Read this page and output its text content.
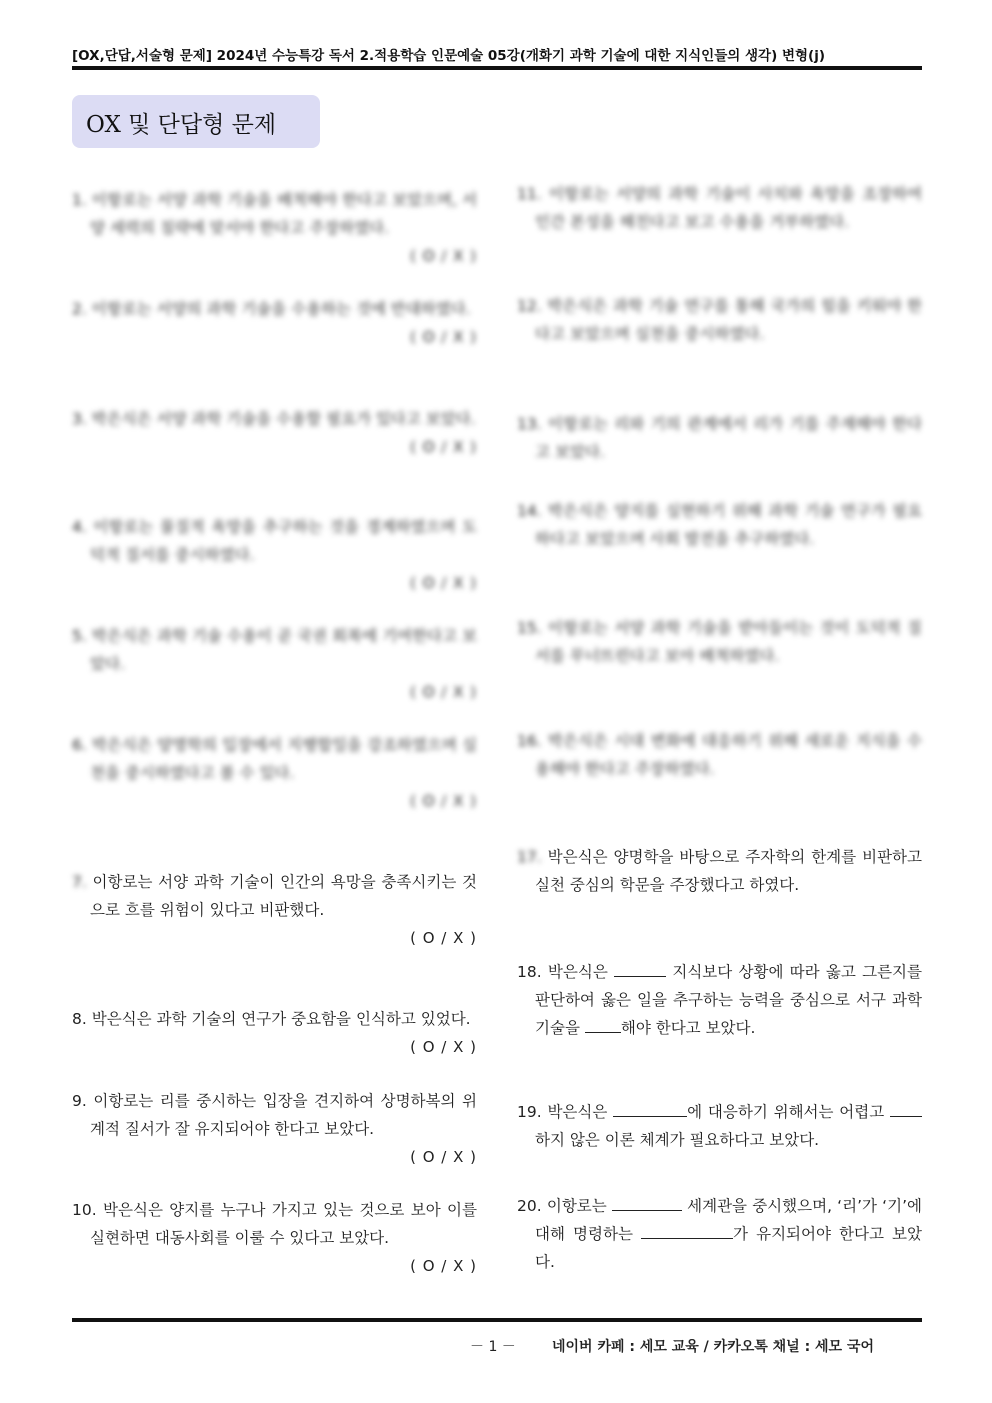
[OX,단답,서술형 문제] 2024년 수능특강 독서 2.적용학습 인문예술 05강(개화기 과학 기술에 대한 지식인들의 생각) 변형(j)
OX 및 단답형 문제
1. 이항로는 서양 과학 기술을 배척해야 한다고 보았으며, 서양 세력의 침략에 맞서야 한다고 주장하였다.
( O / X )
2. 이항로는 서양의 과학 기술을 수용하는 것에 반대하였다.
( O / X )
3. 박은식은 서양 과학 기술을 수용할 필요가 있다고 보았다.
( O / X )
4. 이항로는 물질적 욕망을 추구하는 것을 경계하였으며 도덕적 질서를 중시하였다.
( O / X )
5. 박은식은 과학 기술 수용이 곧 국권 회복에 기여한다고 보았다.
( O / X )
6. 박은식은 양명학의 입장에서 지행합일을 강조하였으며 실천을 중시하였다고 볼 수 있다.
( O / X )
7. 이항로는 서양 과학 기술이 인간의 욕망을 충족시키는 것으로 흐를 위험이 있다고 비판했다.
( O / X )
8. 박은식은 과학 기술의 연구가 중요함을 인식하고 있었다.
( O / X )
9. 이항로는 리를 중시하는 입장을 견지하여 상명하복의 위계적 질서가 잘 유지되어야 한다고 보았다.
( O / X )
10. 박은식은 양지를 누구나 가지고 있는 것으로 보아 이를 실현하면 대동사회를 이룰 수 있다고 보았다.
( O / X )
11. 이항로는 서양의 과학 기술이 사치와 욕망을 조장하여 인간 본성을 해친다고 보고 수용을 거부하였다.
12. 박은식은 과학 기술 연구를 통해 국가의 힘을 키워야 한다고 보았으며 실천을 중시하였다.
13. 이항로는 리와 기의 관계에서 리가 기를 주재해야 한다고 보았다.
14. 박은식은 양지를 실현하기 위해 과학 기술 연구가 필요하다고 보았으며 사회 발전을 추구하였다.
15. 이항로는 서양 과학 기술을 받아들이는 것이 도덕적 질서를 무너뜨린다고 보아 배척하였다.
16. 박은식은 시대 변화에 대응하기 위해 새로운 지식을 수용해야 한다고 주장하였다.
17. 박은식은 양명학을 바탕으로 주자학의 한계를 비판하고 실천 중심의 학문을 주장했다고 하였다.
18. 박은식은	지식보다 상황에 따라 옳고 그른지를 판단하여 옳은 일을 추구하는 능력을 중심으로 서구 과학 기술을	해야 한다고 보았다.
19. 박은식은	에 대응하기 위해서는 어렵고 하지 않은 이론 체계가 필요하다고 보았다.
20. 이항로는	세계관을 중시했으며, ‘리’가 ‘기’에 대해 명령하는	가 유지되어야 한다고 보았다.
－ 1 －	네이버 카페 : 세모 교육 / 카카오톡 채널 : 세모 국어
